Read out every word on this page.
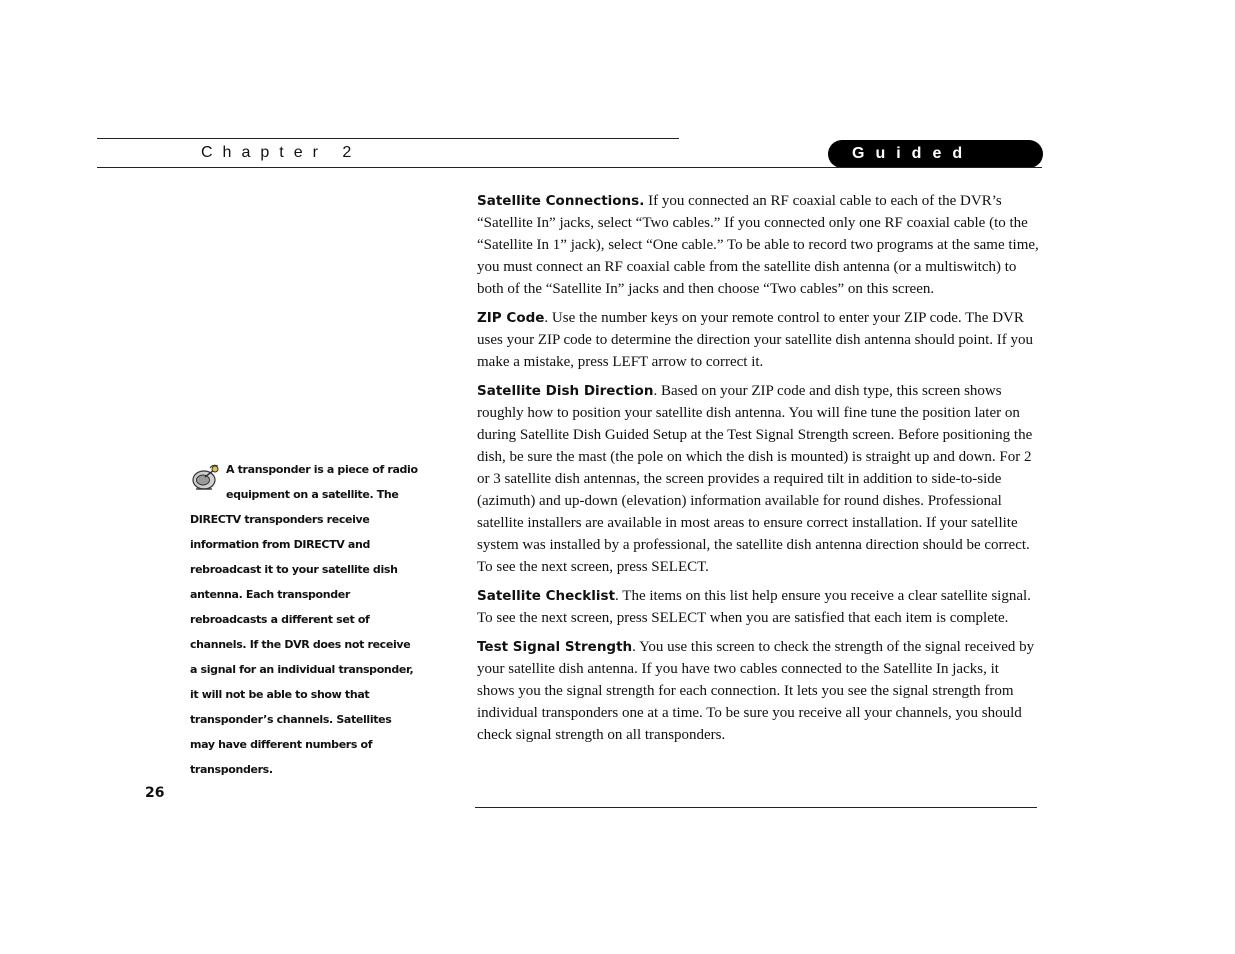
Chapter 2	Guided Setup

Satellite Connections. If you connected an RF coaxial cable to each of the DVR’s “Satellite In” jacks, select “Two cables.” If you connected only one RF coaxial cable (to the “Satellite In 1” jack), select “One cable.” To be able to record two programs at the same time, you must connect an RF coaxial cable from the satellite dish antenna (or a multiswitch) to both of the “Satellite In” jacks and then choose “Two cables” on this screen.

ZIP Code. Use the number keys on your remote control to enter your ZIP code. The DVR uses your ZIP code to determine the direction your satellite dish antenna should point. If you make a mistake, press LEFT arrow to correct it.

Satellite Dish Direction. Based on your ZIP code and dish type, this screen shows roughly how to position your satellite dish antenna. You will fine tune the position later on during Satellite Dish Guided Setup at the Test Signal Strength screen. Before positioning the dish, be sure the mast (the pole on which the dish is mounted) is straight up and down. For 2 or 3 satellite dish antennas, the screen provides a required tilt in addition to side-to-side (azimuth) and up-down (elevation) information available for round dishes. Professional satellite installers are available in most areas to ensure correct installation. If your satellite system was installed by a professional, the satellite dish antenna direction should be correct. To see the next screen, press SELECT.

Satellite Checklist. The items on this list help ensure you receive a clear satellite signal. To see the next screen, press SELECT when you are satisfied that each item is complete.

Test Signal Strength. You use this screen to check the strength of the signal received by your satellite dish antenna. If you have two cables connected to the Satellite In jacks, it shows you the signal strength for each connection. It lets you see the signal strength from individual transponders one at a time. To be sure you receive all your channels, you should check signal strength on all transponders.

A transponder is a piece of radio equipment on a satellite. The DIRECTV transponders receive information from DIRECTV and rebroadcast it to your satellite dish antenna. Each transponder rebroadcasts a different set of channels. If the DVR does not receive a signal for an individual transponder, it will not be able to show that transponder’s channels. Satellites may have different numbers of transponders.
26
